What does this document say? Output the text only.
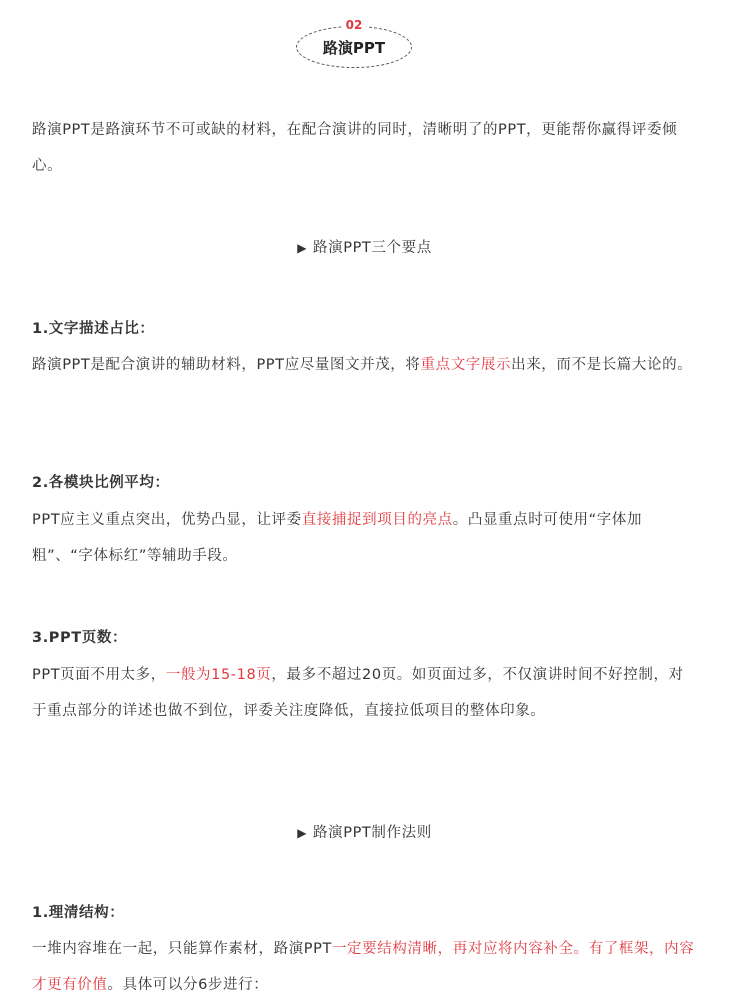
02
路演PPT

路演PPT是路演环节不可或缺的材料，在配合演讲的同时，清晰明了的PPT，更能帮你赢得评委倾心。

▶ 路演PPT三个要点

1.文字描述占比：

路演PPT是配合演讲的辅助材料，PPT应尽量图文并茂，将重点文字展示出来，而不是长篇大论的。

2.各模块比例平均：

PPT应主义重点突出，优势凸显，让评委直接捕捉到项目的亮点。凸显重点时可使用“字体加粗”、“字体标红”等辅助手段。

3.PPT页数：

PPT页面不用太多，一般为15-18页，最多不超过20页。如页面过多，不仅演讲时间不好控制，对于重点部分的详述也做不到位，评委关注度降低，直接拉低项目的整体印象。

▶ 路演PPT制作法则

1.理清结构：

一堆内容堆在一起，只能算作素材，路演PPT一定要结构清晰，再对应将内容补全。有了框架，内容才更有价值。具体可以分6步进行：
